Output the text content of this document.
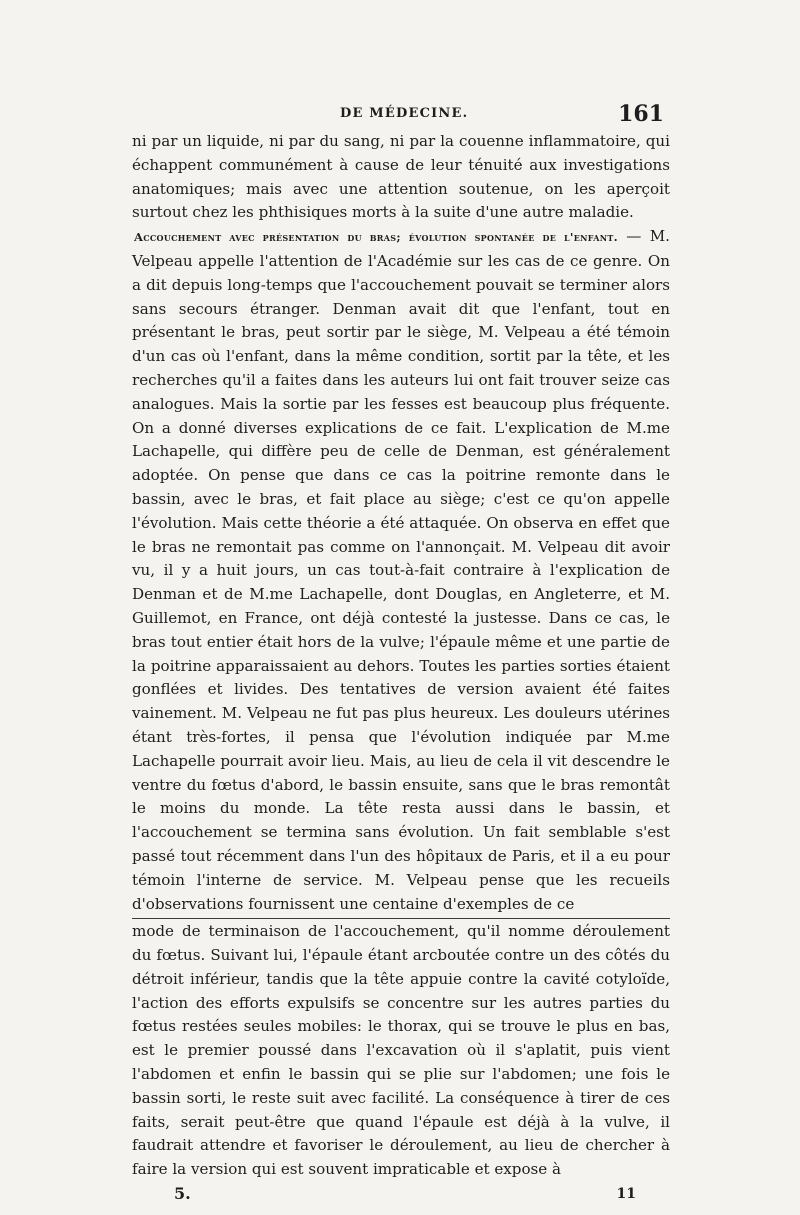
DE MÉDECINE.	161

ni par un liquide, ni par du sang, ni par la couenne inflammatoire, qui échappent communément à cause de leur ténuité aux investigations anatomiques; mais avec une attention soutenue, on les aperçoit surtout chez les phthisiques morts à la suite d'une autre maladie.

Accouchement avec présentation du bras; évolution spontanée de l'enfant. — M. Velpeau appelle l'attention de l'Académie sur les cas de ce genre. On a dit depuis long-temps que l'accouchement pouvait se terminer alors sans secours étranger. Denman avait dit que l'enfant, tout en présentant le bras, peut sortir par le siège, M. Velpeau a été témoin d'un cas où l'enfant, dans la même condition, sortit par la tête, et les recherches qu'il a faites dans les auteurs lui ont fait trouver seize cas analogues. Mais la sortie par les fesses est beaucoup plus fréquente. On a donné diverses explications de ce fait. L'explication de M.me Lachapelle, qui diffère peu de celle de Denman, est généralement adoptée. On pense que dans ce cas la poitrine remonte dans le bassin, avec le bras, et fait place au siège; c'est ce qu'on appelle l'évolution. Mais cette théorie a été attaquée. On observa en effet que le bras ne remontait pas comme on l'annonçait. M. Velpeau dit avoir vu, il y a huit jours, un cas tout-à-fait contraire à l'explication de Denman et de M.me Lachapelle, dont Douglas, en Angleterre, et M. Guillemot, en France, ont déjà contesté la justesse. Dans ce cas, le bras tout entier était hors de la vulve; l'épaule même et une partie de la poitrine apparaissaient au dehors. Toutes les parties sorties étaient gonflées et livides. Des tentatives de version avaient été faites vainement. M. Velpeau ne fut pas plus heureux. Les douleurs utérines étant très-fortes, il pensa que l'évolution indiquée par M.me Lachapelle pourrait avoir lieu. Mais, au lieu de cela il vit descendre le ventre du fœtus d'abord, le bassin ensuite, sans que le bras remontât le moins du monde. La tête resta aussi dans le bassin, et l'accouchement se termina sans évolution. Un fait semblable s'est passé tout récemment dans l'un des hôpitaux de Paris, et il a eu pour témoin l'interne de service. M. Velpeau pense que les recueils d'observations fournissent une centaine d'exemples de ce

mode de terminaison de l'accouchement, qu'il nomme déroulement du fœtus. Suivant lui, l'épaule étant arcboutée contre un des côtés du détroit inférieur, tandis que la tête appuie contre la cavité cotyloïde, l'action des efforts expulsifs se concentre sur les autres parties du fœtus restées seules mobiles: le thorax, qui se trouve le plus en bas, est le premier poussé dans l'excavation où il s'aplatit, puis vient l'abdomen et enfin le bassin qui se plie sur l'abdomen; une fois le bassin sorti, le reste suit avec facilité. La conséquence à tirer de ces faits, serait peut-être que quand l'épaule est déjà à la vulve, il faudrait attendre et favoriser le déroulement, au lieu de chercher à faire la version qui est souvent impraticable et expose à

5.	11
